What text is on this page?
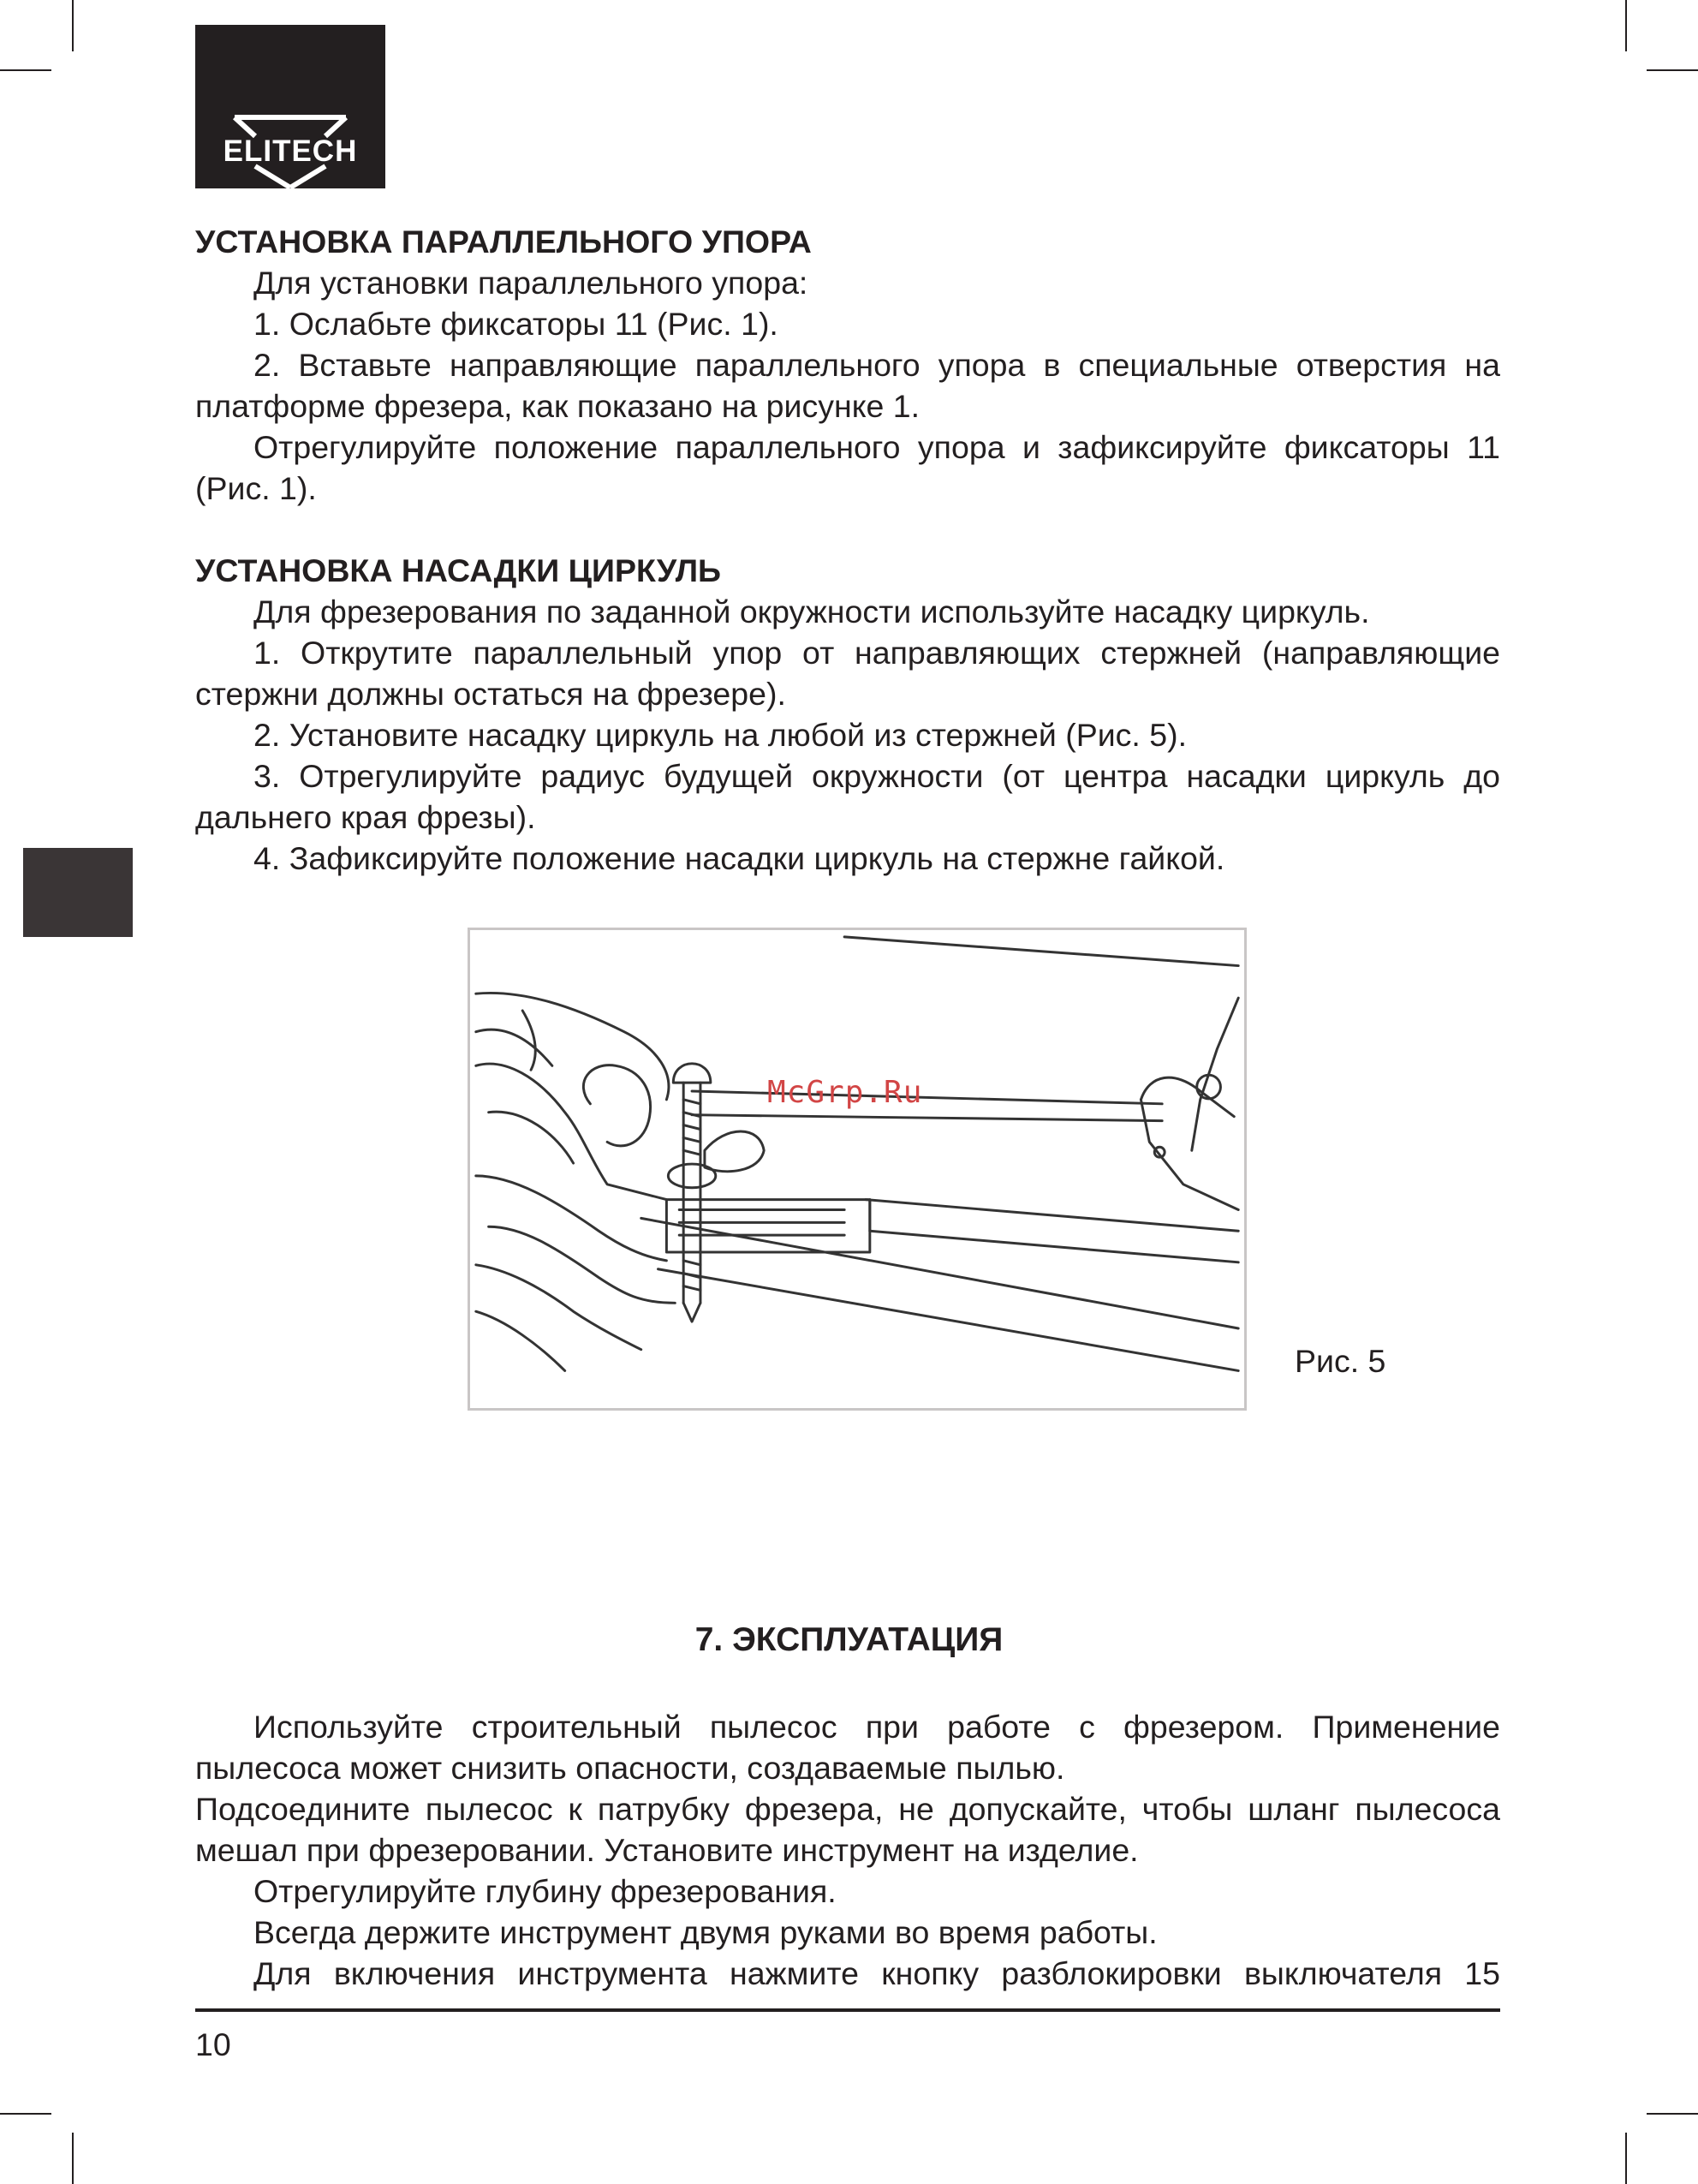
ELITECH

УСТАНОВКА ПАРАЛЛЕЛЬНОГО УПОРА

Для установки параллельного упора:

1. Ослабьте фиксаторы 11 (Рис. 1).

2. Вставьте направляющие параллельного упора в специальные отверстия на платформе фрезера, как показано на рисунке 1.

Отрегулируйте положение параллельного упора и зафиксируйте фиксаторы 11 (Рис. 1).

УСТАНОВКА НАСАДКИ ЦИРКУЛЬ

Для фрезерования по заданной окружности используйте насадку циркуль.

1. Открутите параллельный упор от направляющих стержней (направляющие стержни должны остаться на фрезере).

2. Установите насадку циркуль на любой из стержней (Рис. 5).

3. Отрегулируйте радиус будущей окружности (от центра насадки циркуль до дальнего края фрезы).

4. Зафиксируйте положение насадки циркуль на стержне гайкой.

McGrp.Ru
Рис. 5
7. ЭКСПЛУАТАЦИЯ

Используйте строительный пылесос при работе с фрезером. Применение пылесоса может снизить опасности, создаваемые пылью.

Подсоедините пылесос к патрубку фрезера, не допускайте, чтобы шланг пылесоса мешал при фрезеровании. Установите инструмент на изделие.

Отрегулируйте глубину фрезерования.

Всегда держите инструмент двумя руками во время работы.

Для включения инструмента нажмите кнопку разблокировки выключателя 15

10
